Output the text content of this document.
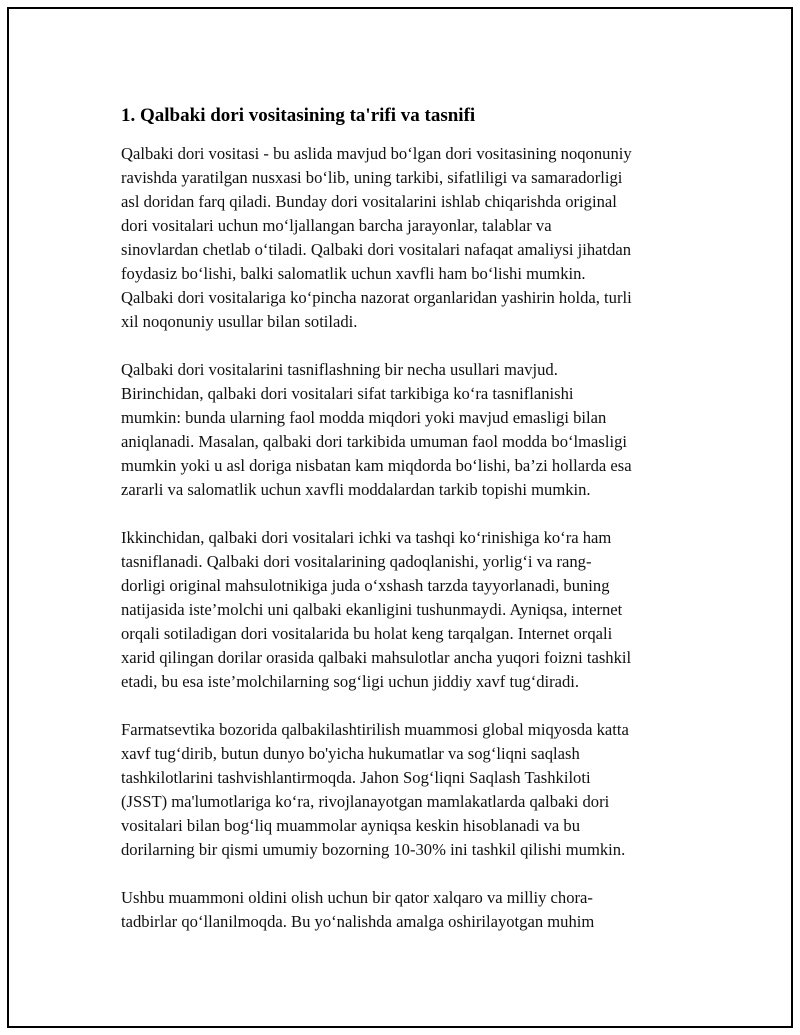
1. Qalbaki dori vositasining ta'rifi va tasnifi

Qalbaki dori vositasi - bu aslida mavjud bo‘lgan dori vositasining noqonuniy
ravishda yaratilgan nusxasi bo‘lib, uning tarkibi, sifatliligi va samaradorligi
asl doridan farq qiladi. Bunday dori vositalarini ishlab chiqarishda original
dori vositalari uchun mo‘ljallangan barcha jarayonlar, talablar va
sinovlardan chetlab o‘tiladi. Qalbaki dori vositalari nafaqat amaliysi jihatdan
foydasiz bo‘lishi, balki salomatlik uchun xavfli ham bo‘lishi mumkin.
Qalbaki dori vositalariga ko‘pincha nazorat organlaridan yashirin holda, turli
xil noqonuniy usullar bilan sotiladi.

Qalbaki dori vositalarini tasniflashning bir necha usullari mavjud.
Birinchidan, qalbaki dori vositalari sifat tarkibiga ko‘ra tasniflanishi
mumkin: bunda ularning faol modda miqdori yoki mavjud emasligi bilan
aniqlanadi. Masalan, qalbaki dori tarkibida umuman faol modda bo‘lmasligi
mumkin yoki u asl doriga nisbatan kam miqdorda bo‘lishi, ba’zi hollarda esa
zararli va salomatlik uchun xavfli moddalardan tarkib topishi mumkin.

Ikkinchidan, qalbaki dori vositalari ichki va tashqi ko‘rinishiga ko‘ra ham
tasniflanadi. Qalbaki dori vositalarining qadoqlanishi, yorlig‘i va rang-
dorligi original mahsulotnikiga juda o‘xshash tarzda tayyorlanadi, buning
natijasida iste’molchi uni qalbaki ekanligini tushunmaydi. Ayniqsa, internet
orqali sotiladigan dori vositalarida bu holat keng tarqalgan. Internet orqali
xarid qilingan dorilar orasida qalbaki mahsulotlar ancha yuqori foizni tashkil
etadi, bu esa iste’molchilarning sog‘ligi uchun jiddiy xavf tug‘diradi.

Farmatsevtika bozorida qalbakilashtirilish muammosi global miqyosda katta
xavf tug‘dirib, butun dunyo bo'yicha hukumatlar va sog‘liqni saqlash
tashkilotlarini tashvishlantirmoqda. Jahon Sog‘liqni Saqlash Tashkiloti
(JSST) ma'lumotlariga ko‘ra, rivojlanayotgan mamlakatlarda qalbaki dori
vositalari bilan bog‘liq muammolar ayniqsa keskin hisoblanadi va bu
dorilarning bir qismi umumiy bozorning 10-30% ini tashkil qilishi mumkin.

Ushbu muammoni oldini olish uchun bir qator xalqaro va milliy chora-
tadbirlar qo‘llanilmoqda. Bu yo‘nalishda amalga oshirilayotgan muhim
